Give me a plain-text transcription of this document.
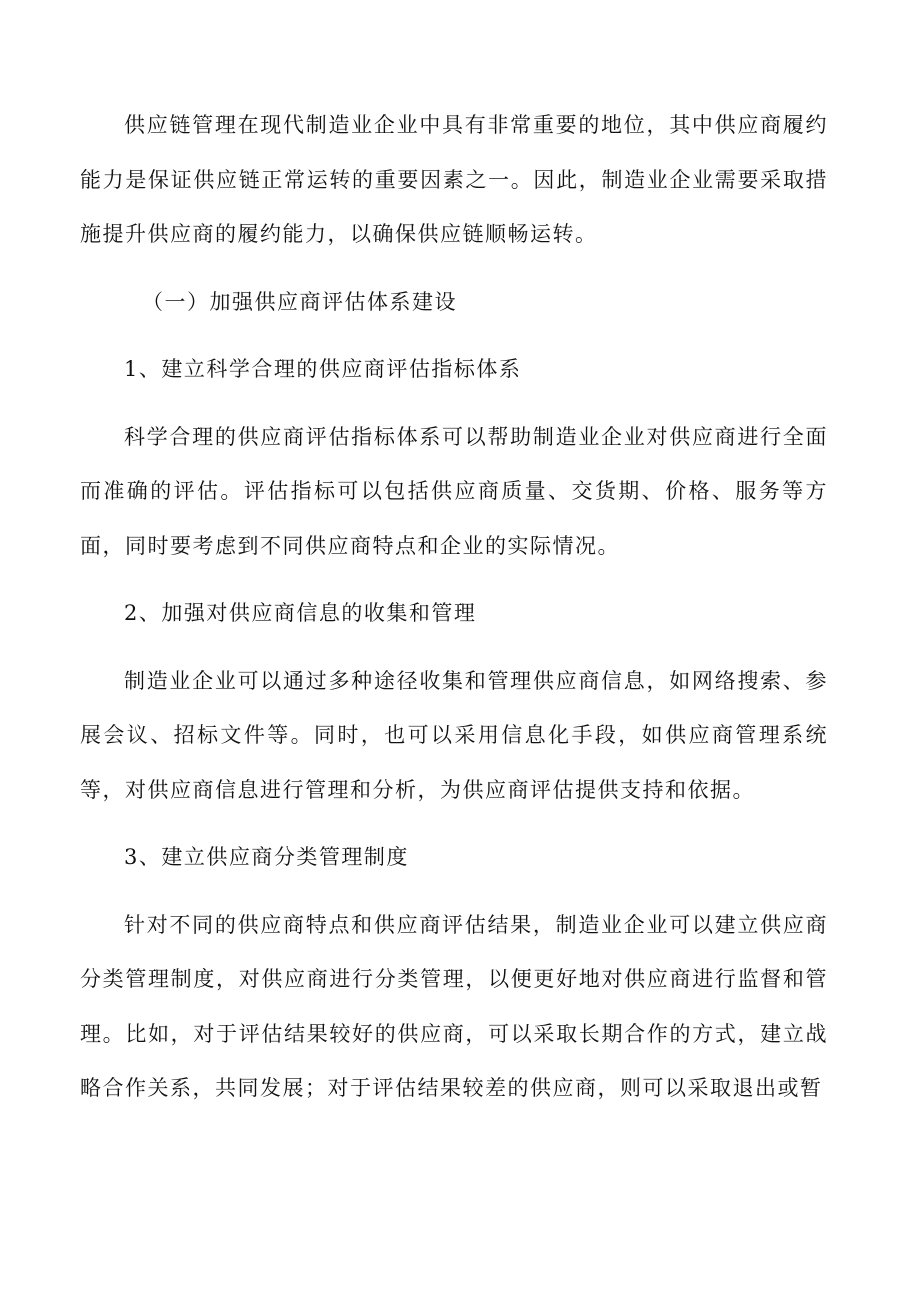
供应链管理在现代制造业企业中具有非常重要的地位，其中供应商履约能力是保证供应链正常运转的重要因素之一。因此，制造业企业需要采取措施提升供应商的履约能力，以确保供应链顺畅运转。

（一）加强供应商评估体系建设

1、建立科学合理的供应商评估指标体系

科学合理的供应商评估指标体系可以帮助制造业企业对供应商进行全面而准确的评估。评估指标可以包括供应商质量、交货期、价格、服务等方面，同时要考虑到不同供应商特点和企业的实际情况。

2、加强对供应商信息的收集和管理

制造业企业可以通过多种途径收集和管理供应商信息，如网络搜索、参展会议、招标文件等。同时，也可以采用信息化手段，如供应商管理系统等，对供应商信息进行管理和分析，为供应商评估提供支持和依据。

3、建立供应商分类管理制度

针对不同的供应商特点和供应商评估结果，制造业企业可以建立供应商分类管理制度，对供应商进行分类管理，以便更好地对供应商进行监督和管理。比如，对于评估结果较好的供应商，可以采取长期合作的方式，建立战略合作关系，共同发展；对于评估结果较差的供应商，则可以采取退出或暂
